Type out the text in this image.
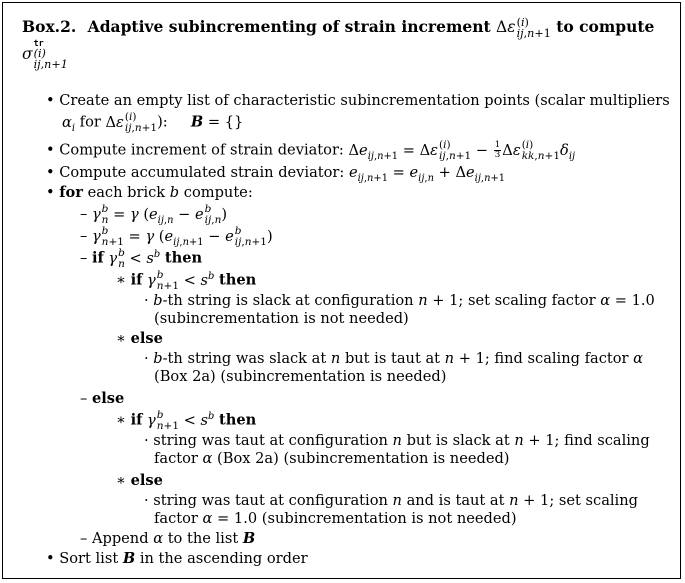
Box.2. Adaptive subincrementing of strain increment Δε (i)
ij,n+1 to compute
σ
tr
(i)
ij,n+1
• Create an empty list of characteristic subincrementation points (scalar multipliers
$\alpha_i$ for Δε (i)
ij,n+1 ): B = {}
• Compute increment of strain deviator: $\Delta e_{ij,n+1} = \Delta\varepsilon$ (i)
$ij,n+1 - \frac{1}{3}$ Δε (i)
kk,n+1 $\delta_{ij}$
• Compute accumulated strain deviator: $e_{ij,n+1} = e_{ij,n} + \Delta e_{ij,n+1}$
• for each brick b compute:
– γ b
n = γ ($e_{ij,n} - e$ b
ij,n )
– γ b
n+1 = γ ($e_{ij,n+1} - e$ b
ij,n+1 )
– if γ b
$n < s^b$ then
∗ if γ b
$n+1 < s^b$ then
· b-th string is slack at configuration n + 1; set scaling factor α = 1.0
(subincrementation is not needed)
∗ else
· b-th string was slack at n but is taut at n + 1; find scaling factor α
(Box 2a) (subincrementation is needed)
– else
∗ if γ b
$n+1 < s^b$ then
· string was taut at configuration n but is slack at n + 1; find scaling
factor α (Box 2a) (subincrementation is needed)
∗ else
· string was taut at configuration n and is taut at n + 1; set scaling
factor α = 1.0 (subincrementation is not needed)
– Append α to the list B
• Sort list B in the ascending order
